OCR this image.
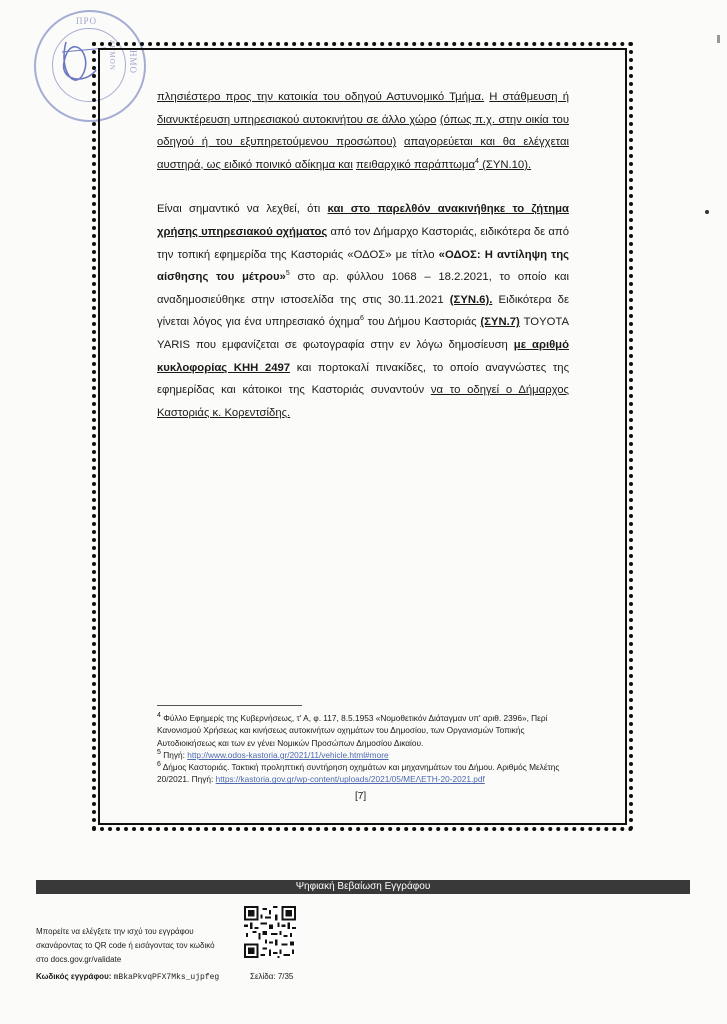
ΠΡΟ
ΗΜΟ
ΔΗΜΟΝ

πλησιέστερο προς την κατοικία του οδηγού Αστυνομικό Τμήμα. Η στάθμευση ή διανυκτέρευση υπηρεσιακού αυτοκινήτου σε άλλο χώρο (όπως π.χ. στην οικία του οδηγού ή του εξυπηρετούμενου προσώπου) απαγορεύεται και θα ελέγχεται αυστηρά, ως ειδικό ποινικό αδίκημα και πειθαρχικό παράπτωμα$^4$ (ΣΥΝ.10).

Είναι σημαντικό να λεχθεί, ότι και στο παρελθόν ανακινήθηκε το ζήτημα χρήσης υπηρεσιακού οχήματος από τον Δήμαρχο Καστοριάς, ειδικότερα δε από την τοπική εφημερίδα της Καστοριάς «ΟΔΟΣ» με τίτλο «ΟΔΟΣ: Η αντίληψη της αίσθησης του μέτρου»$^5$ στο αρ. φύλλου 1068 – 18.2.2021, το οποίο και αναδημοσιεύθηκε στην ιστοσελίδα της στις 30.11.2021 (ΣΥΝ.6). Ειδικότερα δε γίνεται λόγος για ένα υπηρεσιακό όχημα$^6$ του Δήμου Καστοριάς (ΣΥΝ.7) TOYOTA YARIS που εμφανίζεται σε φωτογραφία στην εν λόγω δημοσίευση με αριθμό κυκλοφορίας ΚΗΗ 2497 και πορτοκαλί πινακίδες, το οποίο αναγνώστες της εφημερίδας και κάτοικοι της Καστοριάς συναντούν να το οδηγεί ο Δήμαρχος Καστοριάς κ. Κορεντσίδης.

$^4$ Φύλλο Εφημερίς της Κυβερνήσεως, τ' Α, φ. 117, 8.5.1953 «Νομοθετικόν Διάταγμαν υπ' αριθ. 2396», Περί Κανονισμού Χρήσεως και κινήσεως αυτοκινήτων οχημάτων του Δημοσίου, των Οργανισμών Τοπικής Αυτοδιοικήσεως και των εν γένει Νομικών Προσώπων Δημοσίου Δικαίου.
$^5$ Πηγή: http://www.odos-kastoria.gr/2021/11/vehicle.html#more
$^6$ Δήμος Καστοριάς. Τακτική προληπτική συντήρηση οχημάτων και μηχανημάτων του Δήμου. Αριθμός Μελέτης 20/2021. Πηγή: https://kastoria.gov.gr/wp-content/uploads/2021/05/ΜΕΛΕΤΗ-20-2021.pdf
[7]
Ψηφιακή Βεβαίωση Εγγράφου
Μπορείτε να ελέγξετε την ισχύ του εγγράφου
σκανάροντας το QR code ή εισάγοντας τον κωδικό
στο docs.gov.gr/validate
Κωδικός εγγράφου: mBkaPkvqPFX7Mks_ujpfeg	Σελίδα: 7/35
